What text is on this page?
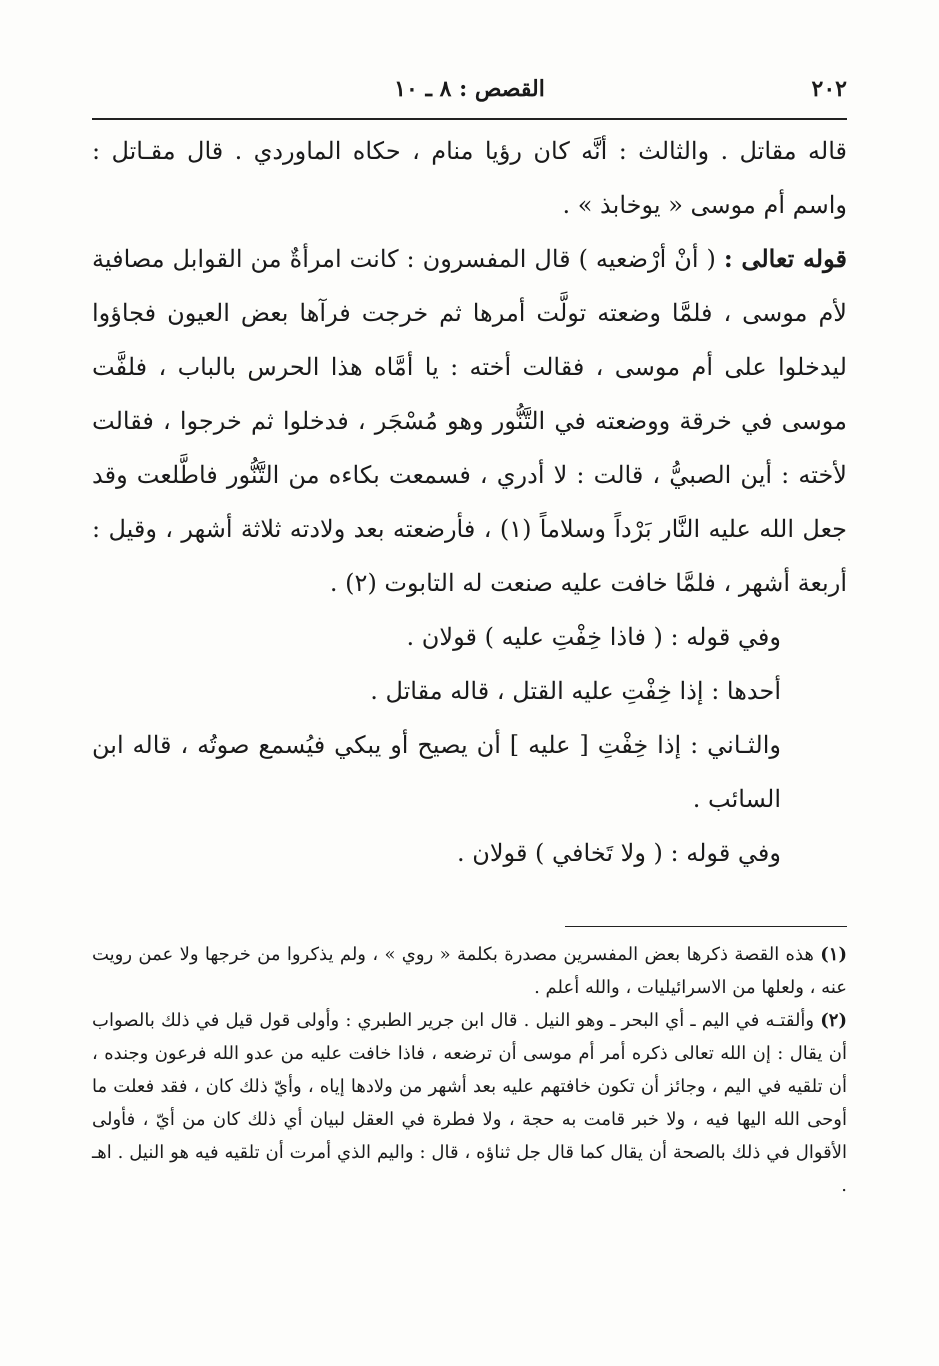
٢٠٢
القصص : ٨ ـ ١٠

قاله مقاتل . والثالث : أنَّه كان رؤيا منام ، حكاه الماوردي . قال مقـاتل : واسم أم موسى « يوخابذ » .

قوله تعالى : ( أنْ أرْضعيه ) قال المفسرون : كانت امرأةٌ من القوابل مصافية لأم موسى ، فلمَّا وضعته تولَّت أمرها ثم خرجت فرآها بعض العيون فجاؤوا ليدخلوا على أم موسى ، فقالت أخته : يا أمَّاه هذا الحرس بالباب ، فلفَّت موسى في خرقة ووضعته في التَّنُّور وهو مُسْجَر ، فدخلوا ثم خرجوا ، فقالت لأخته : أين الصبيُّ ، قالت : لا أدري ، فسمعت بكاءه من التَّنُّور فاطَّلعت وقد جعل الله عليه النَّار بَرْداً وسلاماً (١) ، فأرضعته بعد ولادته ثلاثة أشهر ، وقيل : أربعة أشهر ، فلمَّا خافت عليه صنعت له التابوت (٢) .

وفي قوله : ( فاذا خِفْتِ عليه ) قولان .

أحدها : إذا خِفْتِ عليه القتل ، قاله مقاتل .

والثـاني : إذا خِفْتِ [ عليه ] أن يصيح أو يبكي فيُسمع صوتُه ، قاله ابن السائب .

وفي قوله : ( ولا تَخافي ) قولان .

(١) هذه القصة ذكرها بعض المفسرين مصدرة بكلمة « روي » ، ولم يذكروا من خرجها ولا عمن رويت عنه ، ولعلها من الاسرائيليات ، والله أعلم .

(٢) وألقتـه في اليم ـ أي البحر ـ وهو النيل . قال ابن جرير الطبري : وأولى قول قيل في ذلك بالصواب أن يقال : إن الله تعالى ذكره أمر أم موسى أن ترضعه ، فاذا خافت عليه من عدو الله فرعون وجنده ، أن تلقيه في اليم ، وجائز أن تكون خافتهم عليه بعد أشهر من ولادها إياه ، وأيّ ذلك كان ، فقد فعلت ما أوحى الله اليها فيه ، ولا خبر قامت به حجة ، ولا فطرة في العقل لبيان أي ذلك كان من أيّ ، فأولى الأقوال في ذلك بالصحة أن يقال كما قال جل ثناؤه ، قال : واليم الذي أمرت أن تلقيه فيه هو النيل . اهـ .
